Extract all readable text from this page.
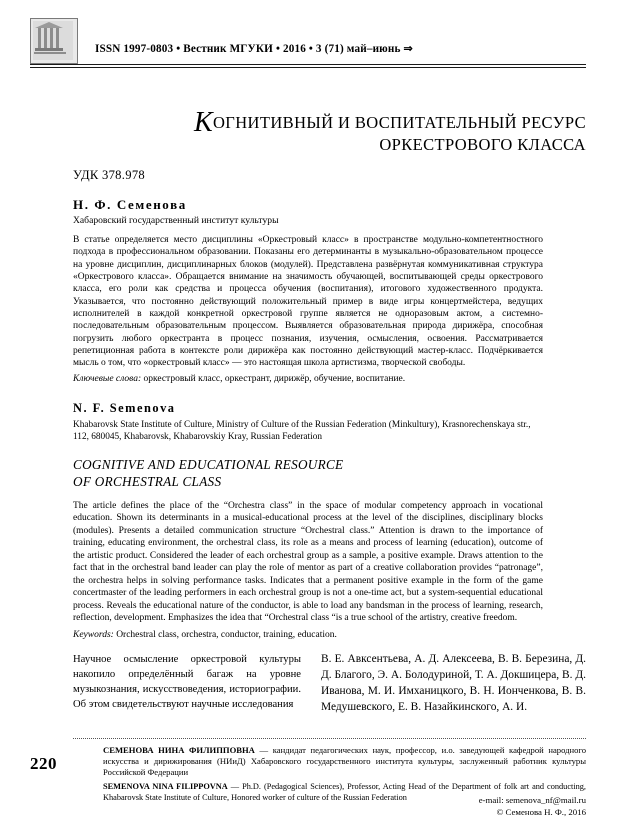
ISSN 1997-0803 • Вестник МГУКИ • 2016 • 3 (71) май–июнь ⇒
КОГНИТИВНЫЙ И ВОСПИТАТЕЛЬНЫЙ РЕСУРС
ОРКЕСТРОВОГО КЛАССА
УДК 378.978
Н. Ф. Семенова
Хабаровский государственный институт культуры
В статье определяется место дисциплины «Оркестровый класс» в пространстве модульно-компетентностного подхода в профессиональном образовании. Показаны его детерминанты в музыкально-образовательном процессе на уровне дисциплин, дисциплинарных блоков (модулей). Представлена развёрнутая коммуникативная структура «Оркестрового класса». Обращается внимание на значимость обучающей, воспитывающей среды оркестрового класса, его роли как средства и процесса обучения (воспитания), итогового художественного продукта. Указывается, что постоянно действующий положительный пример в виде игры концертмейстера, ведущих исполнителей в каждой конкретной оркестровой группе является не одноразовым актом, а системно-последовательным образовательным процессом. Выявляется образовательная природа дирижёра, способная погрузить любого оркестранта в процесс познания, изучения, осмысления, освоения. Рассматривается репетиционная работа в контексте роли дирижёра как постоянно действующий мастер-класс. Подчёркивается мысль о том, что «оркестровый класс» — это настоящая школа артистизма, творческой свободы.
Ключевые слова: оркестровый класс, оркестрант, дирижёр, обучение, воспитание.
N. F. Semenova
Khabarovsk State Institute of Culture, Ministry of Culture of the Russian Federation (Minkultury), Krasnorechenskaya str., 112, 680045, Khabarovsk, Khabarovskiy Kray, Russian Federation
COGNITIVE AND EDUCATIONAL RESOURCE
OF ORCHESTRAL CLASS
The article defines the place of the “Orchestra class” in the space of modular competency approach in vocational education. Shown its determinants in a musical-educational process at the level of the disciplines, disciplinary blocks (modules). Presents a detailed communication structure “Orchestral class.” Attention is drawn to the importance of training, educating environment, the orchestral class, its role as a means and process of learning (education), outcome of the artistic product. Considered the leader of each orchestral group as a sample, a positive example. Draws attention to the fact that in the orchestral band leader can play the role of mentor as part of a creative collaboration provides “patronage”, the orchestra helps in solving performance tasks. Indicates that a permanent positive example in the form of the game concertmaster of the leading performers in each orchestral group is not a one-time act, but a system-sequential educational process. Reveals the educational nature of the conductor, is able to load any bandsman in the process of learning, research, reflection, development. Emphasizes the idea that “Orchestral class “is a true school of the artistry, creative freedom.
Keywords: Orchestral class, orchestra, conductor, training, education.
Научное осмысление оркестровой культуры накопило определённый багаж на уровне музыкознания, искусствоведения, историографии. Об этом свидетельствуют научные исследования
В. Е. Авксентьева, А. Д. Алексеева, В. В. Березина, Д. Д. Благого, Э. А. Болодуриной, Т. А. Докшицера, В. Д. Иванова, М. И. Имханицкого, В. Н. Ионченкова, В. В. Медушевского, Е. В. Назайкинского, А. И.
220
СЕМЕНОВА НИНА ФИЛИППОВНА — кандидат педагогических наук, профессор, и.о. заведующей кафедрой народного искусства и дирижирования (НИиД) Хабаровского государственного института культуры, заслуженный работник культуры Российской Федерации
SEMENOVA NINA FILIPPOVNA — Ph.D. (Pedagogical Sciences), Professor, Acting Head of the Department of folk art and conducting, Khabarovsk State Institute of Culture, Honored worker of culture of the Russian Federation	e-mail: semenova_nf@mail.ru
© Семенова Н. Ф., 2016
